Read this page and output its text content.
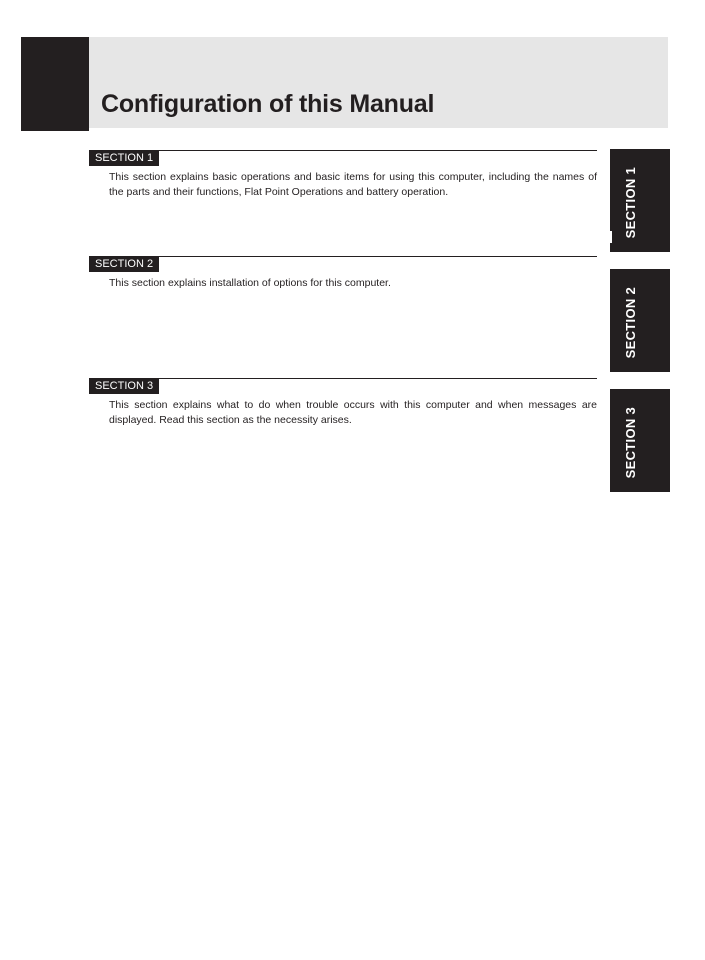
Configuration of this Manual
SECTION 1

This section explains basic operations and basic items for using this computer, including the names of the parts and their functions, Flat Point Operations and battery operation.

SECTION 2

This section explains installation of options for this computer.

SECTION 3

This section explains what to do when trouble occurs with this computer and when messages are displayed. Read this section as the necessity arises.

SECTION 1
SECTION 2
SECTION 3
